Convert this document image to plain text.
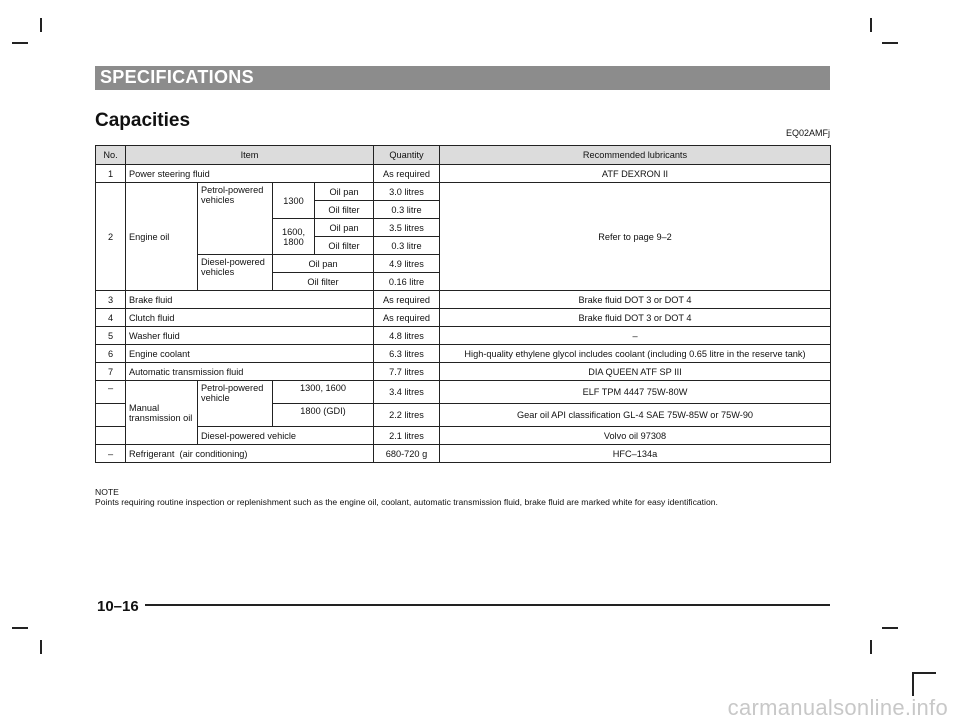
SPECIFICATIONS
Capacities
EQ02AMFj
No.	Item				Quantity	Recommended lubricants
1	Power steering fluid				As required	ATF DEXRON II
2	Engine oil	Petrol-powered vehicles	1300	Oil pan	3.0 litres	Refer to page 9–2
				Oil filter	0.3 litre	
			1600, 1800	Oil pan	3.5 litres	
				Oil filter	0.3 litre	
		Diesel-powered vehicles	Oil pan		4.9 litres	
			Oil filter		0.16 litre	
3	Brake fluid				As required	Brake fluid DOT 3 or DOT 4
4	Clutch fluid				As required	Brake fluid DOT 3 or DOT 4
5	Washer fluid				4.8 litres	–
6	Engine coolant				6.3 litres	High-quality ethylene glycol includes coolant (including 0.65 litre in the reserve tank)
7	Automatic transmission fluid				7.7 litres	DIA QUEEN ATF SP III
–	Manual transmission oil	Petrol-powered vehicle	1300, 1600		3.4 litres	ELF TPM 4447 75W-80W
			1800 (GDI)		2.2 litres	Gear oil API classification GL-4 SAE 75W-85W or 75W-90
		Diesel-powered vehicle			2.1 litres	Volvo oil 97308
–	Refrigerant  (air conditioning)				680-720 g	HFC–134a
NOTE
Points requiring routine inspection or replenishment such as the engine oil, coolant, automatic transmission fluid, brake fluid are marked white for easy identification.
10–16
carmanualsonline.info
